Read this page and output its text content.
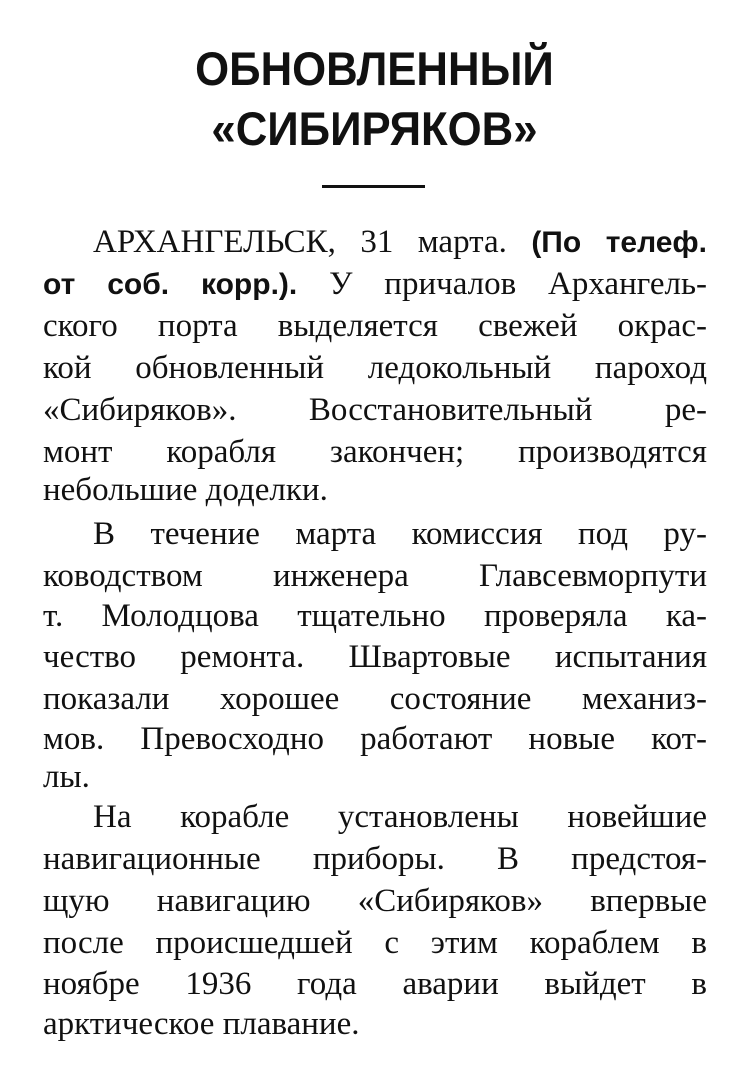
ОБНОВЛЕННЫЙ
«СИБИРЯКОВ»
АРХАНГЕЛЬСК, 31 марта. (По телеф.
от соб. корр.). У причалов Архангель-
ского порта выделяется свежей окрас-
кой обновленный ледокольный пароход
«Сибиряков». Восстановительный ре-
монт корабля закончен; производятся
небольшие доделки.
В течение марта комиссия под ру-
ководством инженера Главсевморпути
т. Молодцова тщательно проверяла ка-
чество ремонта. Швартовые испытания
показали хорошее состояние механиз-
мов. Превосходно работают новые кот-
лы.
На корабле установлены новейшие
навигационные приборы. В предстоя-
щую навигацию «Сибиряков» впервые
после происшедшей с этим кораблем в
ноябре 1936 года аварии выйдет в
арктическое плавание.
